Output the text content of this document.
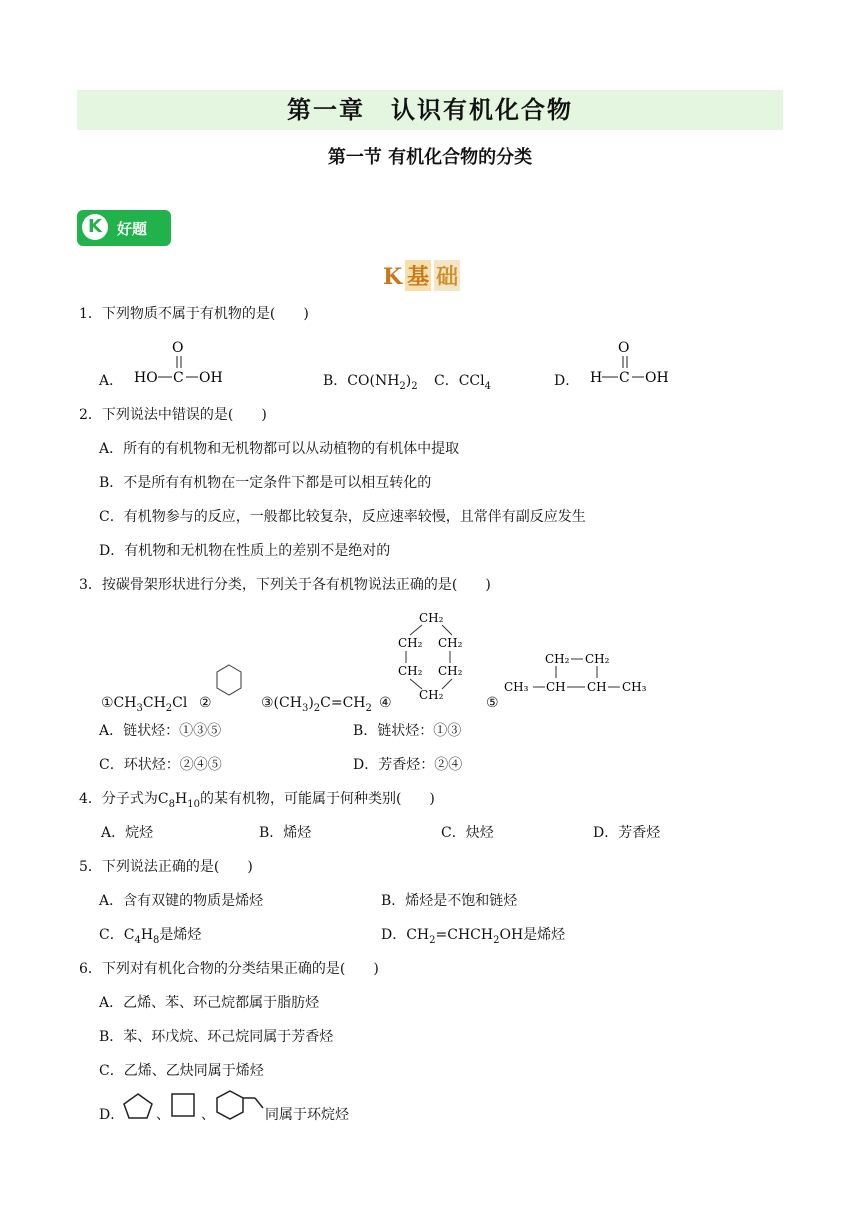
第一章　认识有机化合物
第一节 有机化合物的分类
K	好题
K 基 础
1．下列物质不属于有机物的是(　　)
A．
O
HO C OH	B．$CO(NH_2)_2$ C．CCl$_4$	D．
O
H C OH
2．下列说法中错误的是(　　)
A．所有的有机物和无机物都可以从动植物的有机体中提取
B．不是所有有机物在一定条件下都是可以相互转化的
C．有机物参与的反应，一般都比较复杂，反应速率较慢，且常伴有副反应发生
D．有机物和无机物在性质上的差别不是绝对的
3．按碳骨架形状进行分类，下列关于各有机物说法正确的是(　　)
$①CH_3CH_2Cl$ ②	$③(CH_3)_2C=CH_2$ ④
CH₂
CH₂ CH₂
CH₂ CH₂
CH₂	⑤
CH₂ CH₂
CH₃ CH CH CH₃
A．链状烃：①③⑤	B．链状烃：①③
C．环状烃：②④⑤	D．芳香烃：②④
4．分子式为$C_8H_{10}$的某有机物，可能属于何种类别(　　)
A．烷烃	B．烯烃	C．炔烃	D．芳香烃
5．下列说法正确的是(　　)
A．含有双键的物质是烯烃	B．烯烃是不饱和链烃
C．$C_4H_8$是烯烃	D．$CH_2=CHCH_2OH$是烯烃
6．下列对有机化合物的分类结果正确的是(　　)
A．乙烯、苯、环己烷都属于脂肪烃
B．苯、环戊烷、环己烷同属于芳香烃
C．乙烯、乙炔同属于烯烃
D． 、 、	同属于环烷烃
